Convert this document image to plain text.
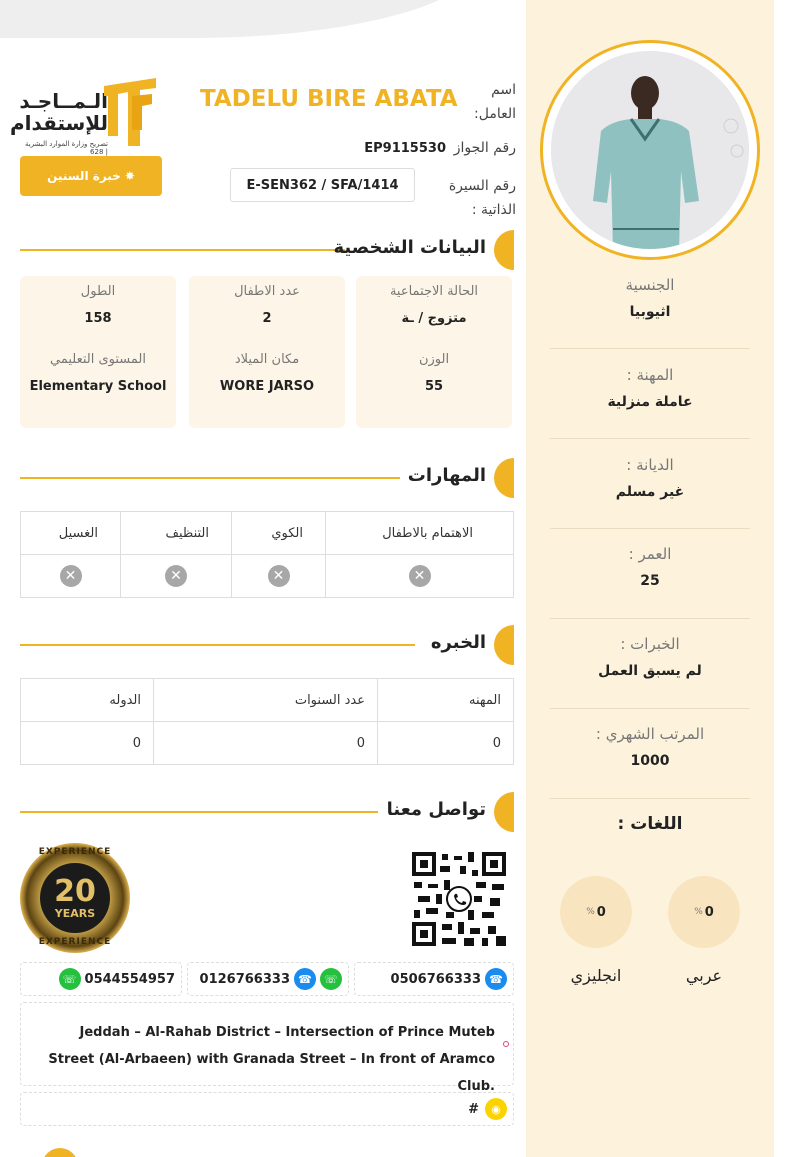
الجنسية
اثيوبيا
المهنة :
عاملة منزلية
الديانة :
غير مسلم
العمر :
25
الخبرات :
لم يسبق العمل
المرتب الشهري :
1000
اللغات :
% 0
% 0
عربي
انجليزي
الـمــاجـد
للإستقدام
تصريح وزارة الموارد البشرية 628 |
✸
خبرة السنين
اسم العامل:
TADELU BIRE ABATA
رقم الجواز
EP9115530
رقم السيرة الذاتية :
E-SEN362 / SFA/1414
البيانات الشخصية
الحالة الاجتماعية
متزوج / ـة
عدد الاطفال
2
الطول
158
الوزن
55
مكان الميلاد
WORE JARSO
المستوى التعليمي
Elementary School
المهارات
الغسيل	التنظيف	الكوي	الاهتمام بالاطفال
✕	✕	✕	✕
الخبره
الدوله	عدد السنوات	المهنه
0	0	0
تواصل معنا
EXPERIENCE
20
YEARS
EXPERIENCE
0506766333 ☎
0126766333 ☎	☏
☏ 0544554957
Jeddah – Al-Rahab District – Intersection of Prince Muteb Street (Al-Arbaeen) with Granada Street – In front of Aramco Club.
#	◉
